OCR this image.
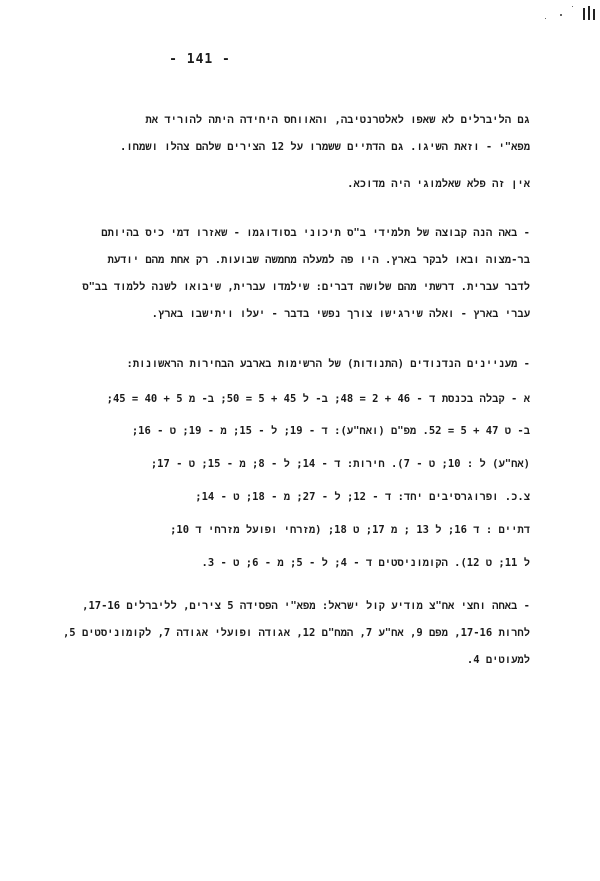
- 141 -
גם הליברלים לא שאפו לאלטרנטיבה, והאווחס היחידה היתה להוריד את
מפא"י - וזאת השיגו. גם הדתיים ששמרו על 12 הצירים שלהם צהלו ושמחו.
אין זה פלא שאלמוגי היה מדוכא.
- באה הנה קבוצה של תלמידי ב"ס תיכוני בסודוגמו - שאזרו דמי כיס בהיותם
בר-מצוה ובאו לבקר בארץ. היו פה למעלה מחמשה שבועות. רק אחת מהם יודעת
לדבר עברית. דרשתי מהם שלושה דברים: שילמדו עברית, שיבואו לשנה ללמוד בב"ס
עברי בארץ - ואלה שירגישו צורך נפשי בדבר - יעלו ויתישבו בארץ.
- מעניינים הנדנודים (התנודות) של הרשימות בארבע הבחירות הראשונות:
א - קבלה בכנסת ד - 46 + 2 = 48; ב- ל 45 + 5 = 50; ב- מ 5 + 40 = 45;
ב- ט 47 + 5 = 52. מפ"ם (ואח"ע): ד - 19; ל - 15; מ - 19; ט - 16;
(אח"ע) ל : 10; ט - 7). חירות: ד - 14; ל - 8; מ - 15; ט - 17;
צ.כ. ופרוגרסיבים יחד: ד - 12; ל - 27; מ - 18; ט - 14;
דתיים : ד 16; ל 13 ; מ 17; ט 18; (מזרחי ופועל מזרחי ד 10;
ל 11; ט 12). הקומוניסטים ד - 4; ל - 5; מ - 6; ט - 3.
- באחה וחצי אח"צ מודיע קול ישראל: מפא"י הפסידה 5 צירים, לליברלים 17-16,
לחרות 17-16, מפם 9, אח"ע 7, המח"ם 12, אגודה ופועלי אגודה 7, לקומוניסטים 5,
למעוטים 4.
